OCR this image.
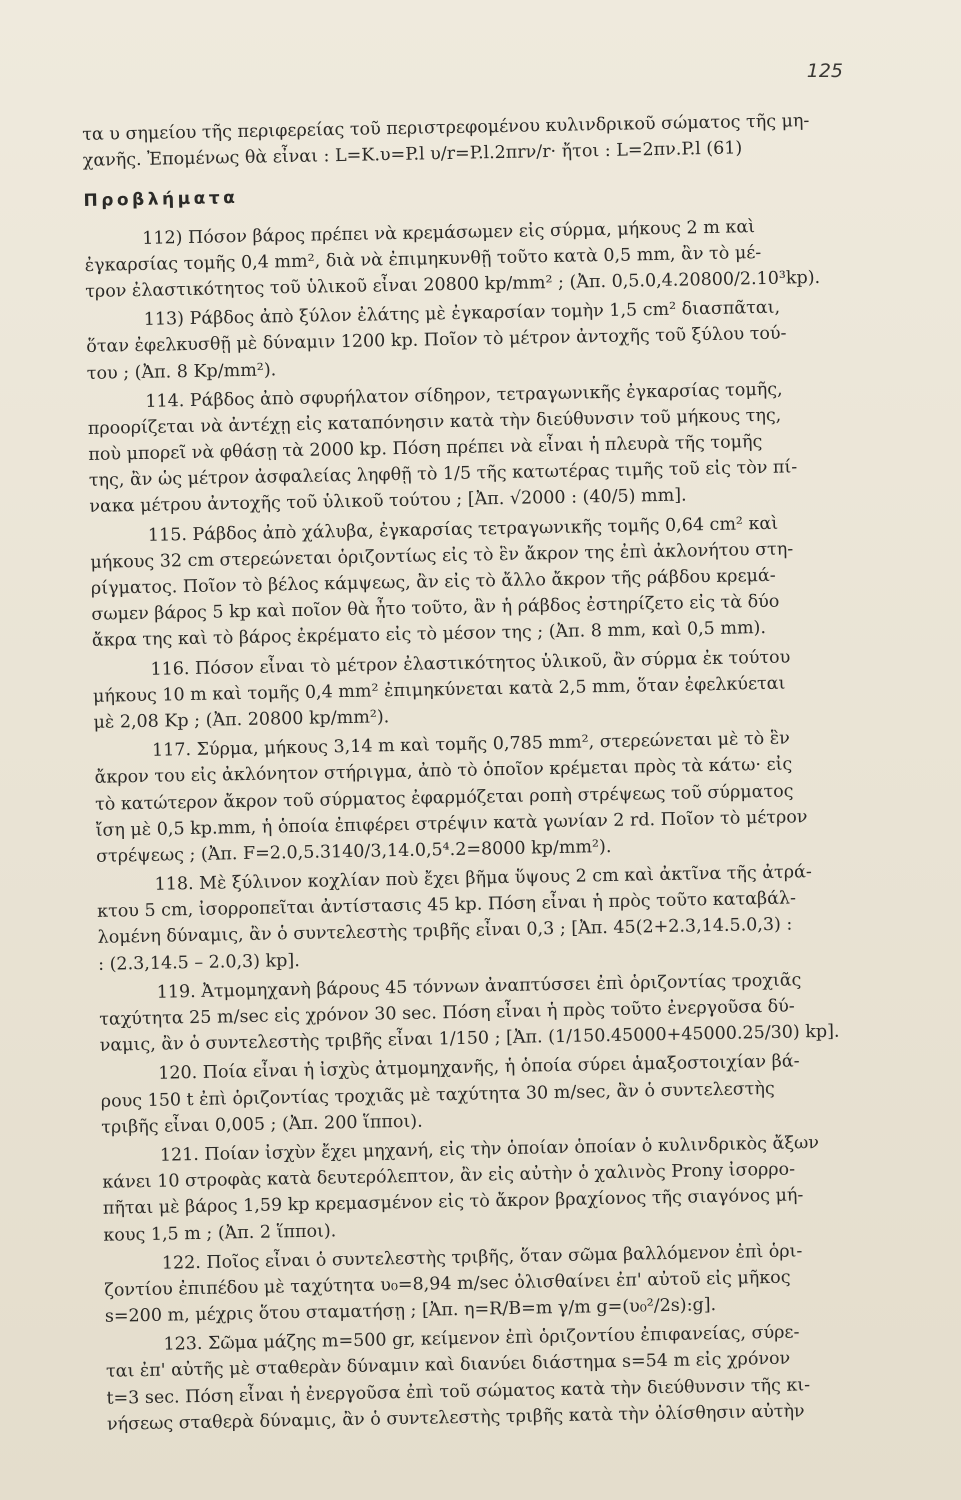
125
τα υ σημείου τῆς περιφερείας τοῦ περιστρεφομένου κυλινδρικοῦ σώματος τῆς μη-
χανῆς. Ἐπομένως θὰ εἶναι : L=K.υ=P.l υ/r=P.l.2πrν/r· ἤτοι : L=2πν.P.l (61)
Προβλήματα
112) Πόσον βάρος πρέπει νὰ κρεμάσωμεν εἰς σύρμα, μήκους 2 m καὶ
ἐγκαρσίας τομῆς 0,4 mm², διὰ νὰ ἐπιμηκυνθῇ τοῦτο κατὰ 0,5 mm, ἂν τὸ μέ-
τρον ἐλαστικότητος τοῦ ὑλικοῦ εἶναι 20800 kp/mm² ; (Ἀπ. 0,5.0,4.20800/2.10³kp).
113) Ράβδος ἀπὸ ξύλον ἐλάτης μὲ ἐγκαρσίαν τομὴν 1,5 cm² διασπᾶται,
ὅταν ἐφελκυσθῇ μὲ δύναμιν 1200 kp. Ποῖον τὸ μέτρον ἀντοχῆς τοῦ ξύλου τού-
του ; (Ἀπ. 8 Kp/mm²).
114. Ράβδος ἀπὸ σφυρήλατον σίδηρον, τετραγωνικῆς ἐγκαρσίας τομῆς,
προορίζεται νὰ ἀντέχῃ εἰς καταπόνησιν κατὰ τὴν διεύθυνσιν τοῦ μήκους της,
ποὺ μπορεῖ νὰ φθάσῃ τὰ 2000 kp. Πόση πρέπει νὰ εἶναι ἡ πλευρὰ τῆς τομῆς
της, ἂν ὡς μέτρον ἀσφαλείας ληφθῇ τὸ 1/5 τῆς κατωτέρας τιμῆς τοῦ εἰς τὸν πί-
νακα μέτρου ἀντοχῆς τοῦ ὑλικοῦ τούτου ; [Ἀπ. √2000 : (40/5) mm].
115. Ράβδος ἀπὸ χάλυβα, ἐγκαρσίας τετραγωνικῆς τομῆς 0,64 cm² καὶ
μήκους 32 cm στερεώνεται ὁριζοντίως εἰς τὸ ἓν ἄκρον της ἐπὶ ἀκλονήτου στη-
ρίγματος. Ποῖον τὸ βέλος κάμψεως, ἂν εἰς τὸ ἄλλο ἄκρον τῆς ράβδου κρεμά-
σωμεν βάρος 5 kp καὶ ποῖον θὰ ἦτο τοῦτο, ἂν ἡ ράβδος ἐστηρίζετο εἰς τὰ δύο
ἄκρα της καὶ τὸ βάρος ἐκρέματο εἰς τὸ μέσον της ; (Ἀπ. 8 mm, καὶ 0,5 mm).
116. Πόσον εἶναι τὸ μέτρον ἐλαστικότητος ὑλικοῦ, ἂν σύρμα ἐκ τούτου
μήκους 10 m καὶ τομῆς 0,4 mm² ἐπιμηκύνεται κατὰ 2,5 mm, ὅταν ἐφελκύεται
μὲ 2,08 Kp ; (Ἀπ. 20800 kp/mm²).
117. Σύρμα, μήκους 3,14 m καὶ τομῆς 0,785 mm², στερεώνεται μὲ τὸ ἓν
ἄκρον του εἰς ἀκλόνητον στήριγμα, ἀπὸ τὸ ὁποῖον κρέμεται πρὸς τὰ κάτω· εἰς
τὸ κατώτερον ἄκρον τοῦ σύρματος ἐφαρμόζεται ροπὴ στρέψεως τοῦ σύρματος
ἴση μὲ 0,5 kp.mm, ἡ ὁποία ἐπιφέρει στρέψιν κατὰ γωνίαν 2 rd. Ποῖον τὸ μέτρον
στρέψεως ; (Ἀπ. F=2.0,5.3140/3,14.0,5⁴.2=8000 kp/mm²).
118. Μὲ ξύλινον κοχλίαν ποὺ ἔχει βῆμα ὕψους 2 cm καὶ ἀκτῖνα τῆς ἀτρά-
κτου 5 cm, ἰσορροπεῖται ἀντίστασις 45 kp. Πόση εἶναι ἡ πρὸς τοῦτο καταβάλ-
λομένη δύναμις, ἂν ὁ συντελεστὴς τριβῆς εἶναι 0,3 ; [Ἀπ. 45(2+2.3,14.5.0,3) :
: (2.3,14.5 – 2.0,3) kp].
119. Ἀτμομηχανὴ βάρους 45 τόννων ἀναπτύσσει ἐπὶ ὁριζοντίας τροχιᾶς
ταχύτητα 25 m/sec εἰς χρόνον 30 sec. Πόση εἶναι ἡ πρὸς τοῦτο ἐνεργοῦσα δύ-
ναμις, ἂν ὁ συντελεστὴς τριβῆς εἶναι 1/150 ; [Ἀπ. (1/150.45000+45000.25/30) kp].
120. Ποία εἶναι ἡ ἰσχὺς ἀτμομηχανῆς, ἡ ὁποία σύρει ἁμαξοστοιχίαν βά-
ρους 150 t ἐπὶ ὁριζοντίας τροχιᾶς μὲ ταχύτητα 30 m/sec, ἂν ὁ συντελεστὴς
τριβῆς εἶναι 0,005 ; (Ἀπ. 200 ἵπποι).
121. Ποίαν ἰσχὺν ἔχει μηχανή, εἰς τὴν ὁποίαν ὁποίαν ὁ κυλινδρικὸς ἄξων
κάνει 10 στροφὰς κατὰ δευτερόλεπτον, ἂν εἰς αὐτὴν ὁ χαλινὸς Prony ἰσορρο-
πῆται μὲ βάρος 1,59 kp κρεμασμένον εἰς τὸ ἄκρον βραχίονος τῆς σιαγόνος μή-
κους 1,5 m ; (Ἀπ. 2 ἵπποι).
122. Ποῖος εἶναι ὁ συντελεστὴς τριβῆς, ὅταν σῶμα βαλλόμενον ἐπὶ ὁρι-
ζοντίου ἐπιπέδου μὲ ταχύτητα υ₀=8,94 m/sec ὀλισθαίνει ἐπ' αὐτοῦ εἰς μῆκος
s=200 m, μέχρις ὅτου σταματήσῃ ; [Ἀπ. η=R/B=m γ/m g=(υ₀²/2s):g].
123. Σῶμα μάζης m=500 gr, κείμενον ἐπὶ ὁριζοντίου ἐπιφανείας, σύρε-
ται ἐπ' αὐτῆς μὲ σταθερὰν δύναμιν καὶ διανύει διάστημα s=54 m εἰς χρόνον
t=3 sec. Πόση εἶναι ἡ ἐνεργοῦσα ἐπὶ τοῦ σώματος κατὰ τὴν διεύθυνσιν τῆς κι-
νήσεως σταθερὰ δύναμις, ἂν ὁ συντελεστὴς τριβῆς κατὰ τὴν ὀλίσθησιν αὐτὴν
